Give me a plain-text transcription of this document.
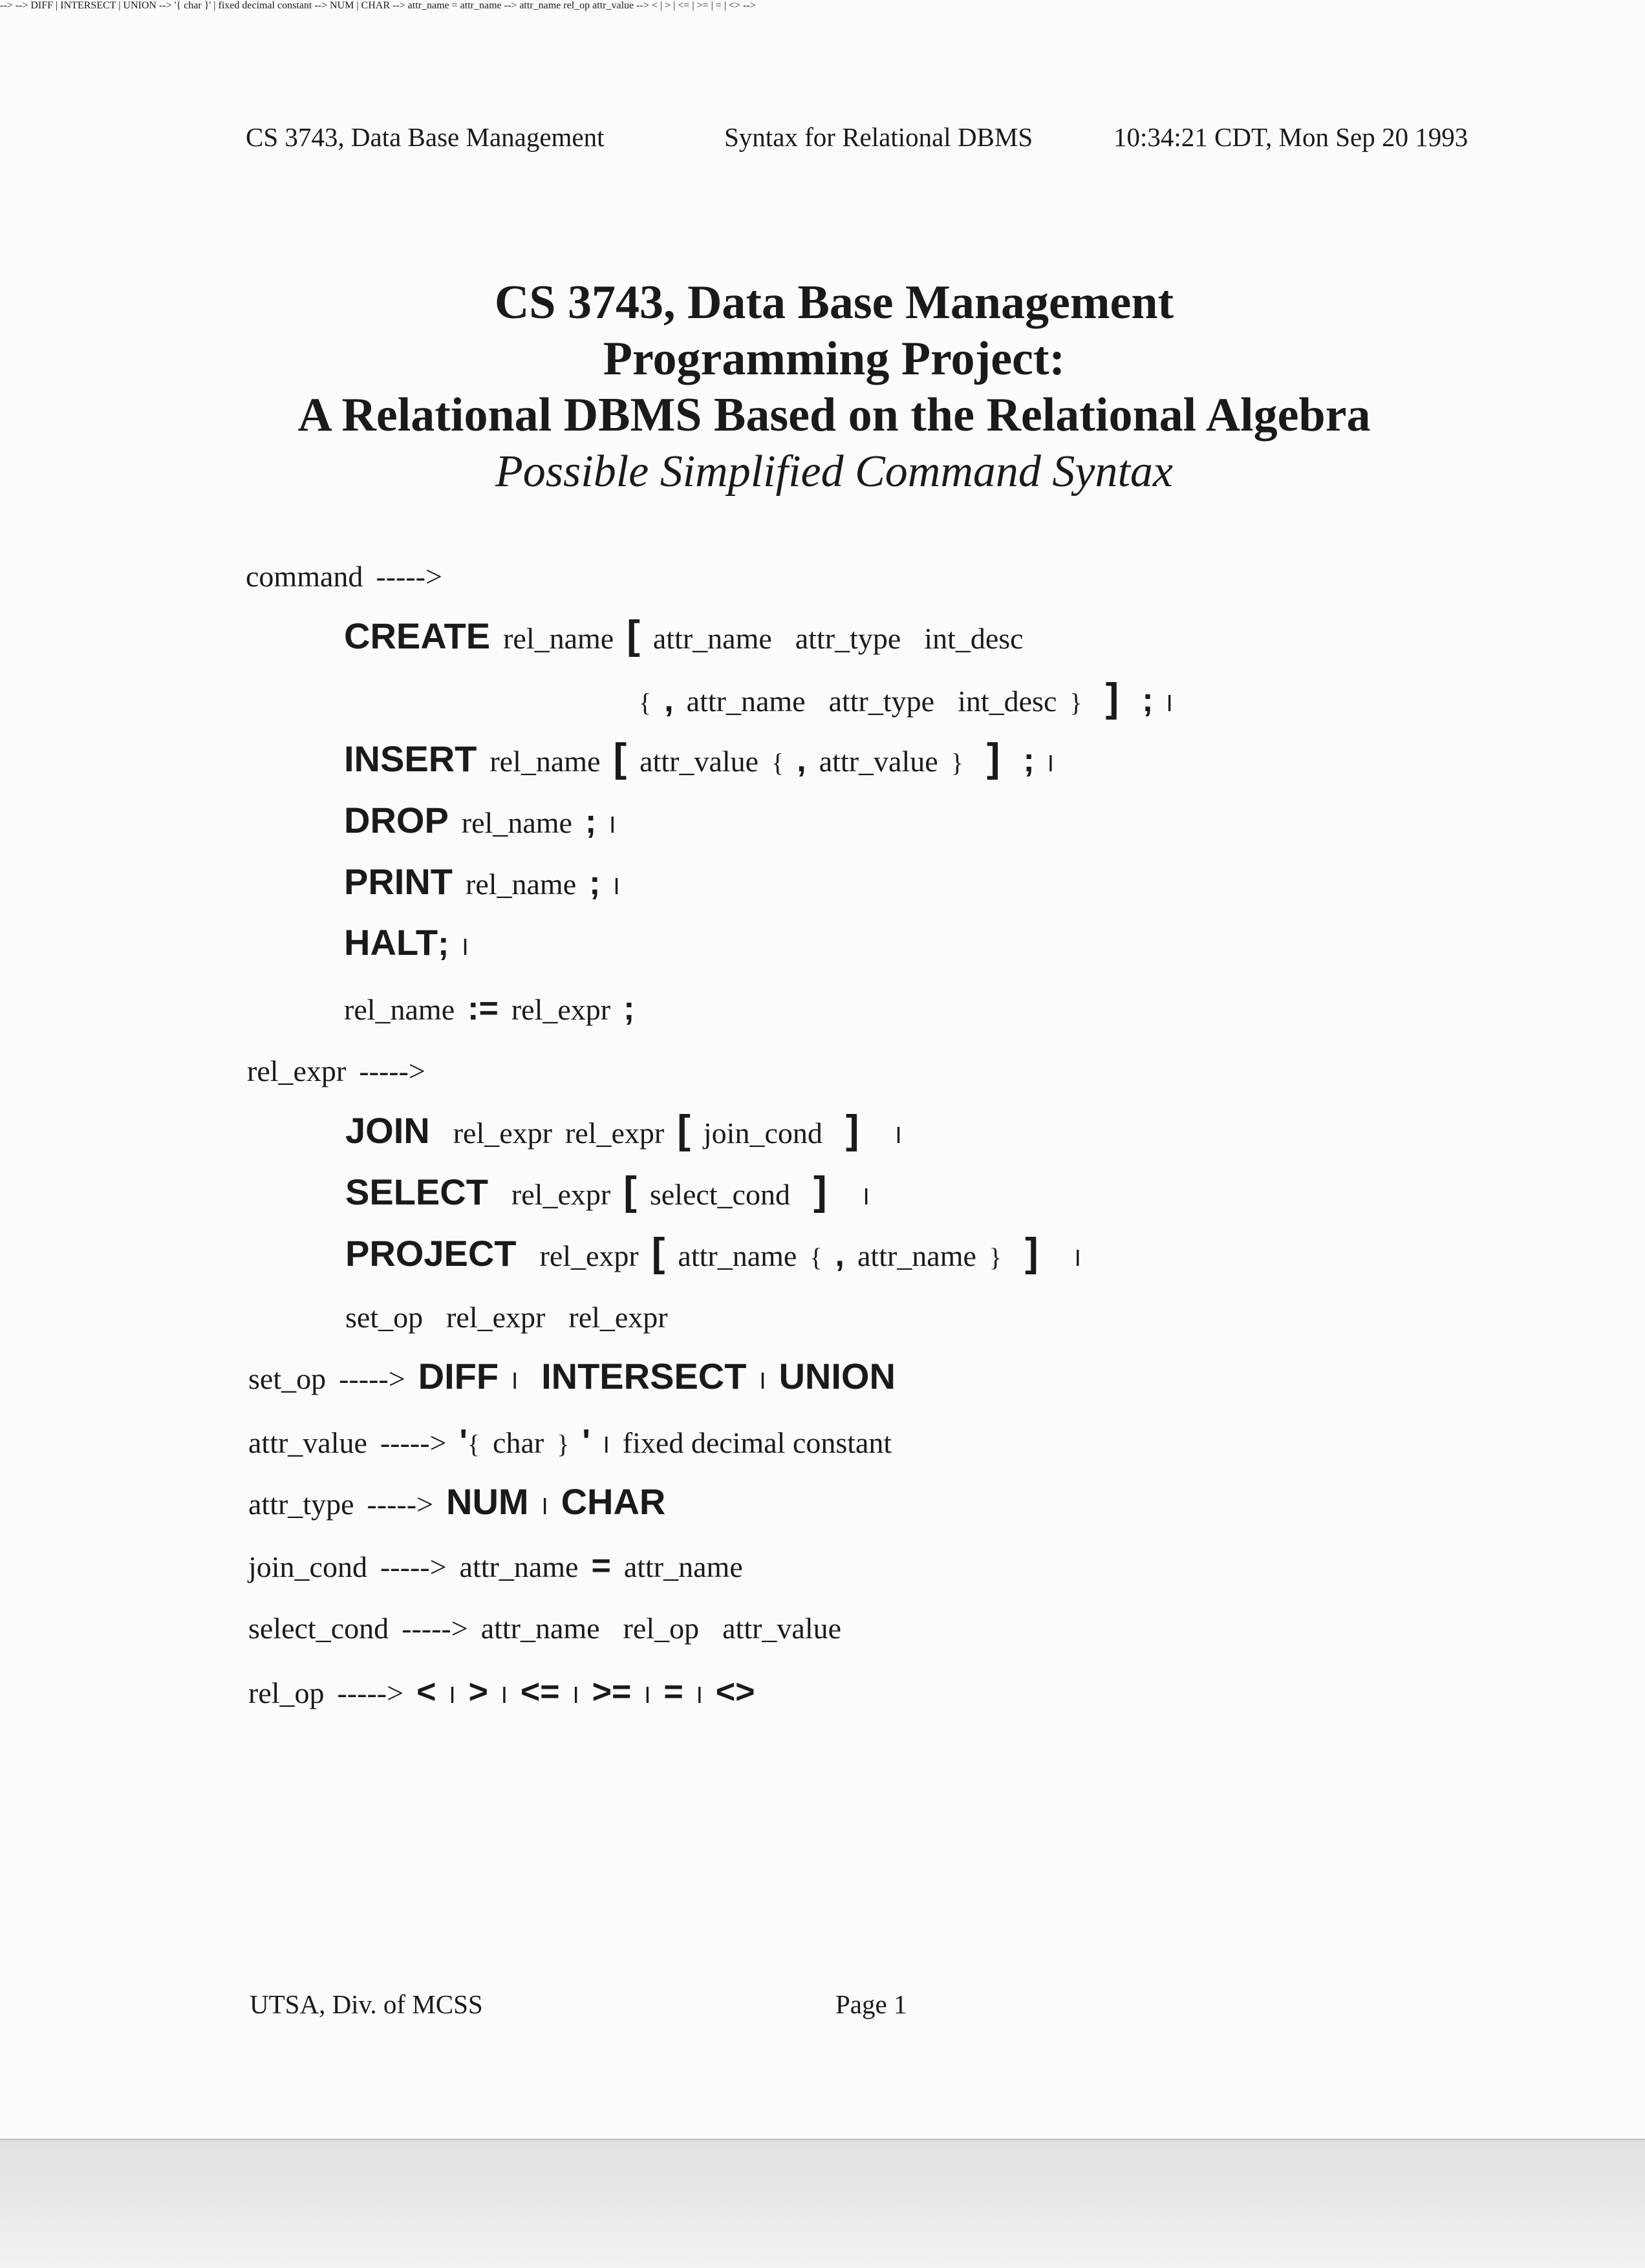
CS 3743, Data Base Management	Syntax for Relational DBMS	10:34:21 CDT, Mon Sep 20 1993
CS 3743, Data Base Management
Programming Project:
A Relational DBMS Based on the Relational Algebra
Possible Simplified Command Syntax
-->
command ----->
CREATE rel_name [ attr_name attr_type int_desc
{ , attr_name attr_type int_desc } ] ; I
INSERT rel_name [ attr_value { , attr_value } ] ; I
DROP rel_name ; I
PRINT rel_name ; I
HALT; I
rel_name := rel_expr ;
-->
rel_expr ----->
JOIN rel_expr rel_expr [ join_cond ] I
SELECT rel_expr [ select_cond ] I
PROJECT rel_expr [ attr_name { , attr_name } ] I
set_op rel_expr rel_expr
DIFF | INTERSECT | UNION -->
set_op -----> DIFF I INTERSECT I UNION
'{ char }' | fixed decimal constant -->
attr_value -----> '{ char } ' I fixed decimal constant
NUM | CHAR -->
attr_type -----> NUM I CHAR
attr_name = attr_name -->
join_cond -----> attr_name = attr_name
attr_name rel_op attr_value -->
select_cond -----> attr_name rel_op attr_value
< | > | <= | >= | = | <> -->
rel_op -----> < I > I <= I >= I = I <>
UTSA, Div. of MCSS	Page 1
